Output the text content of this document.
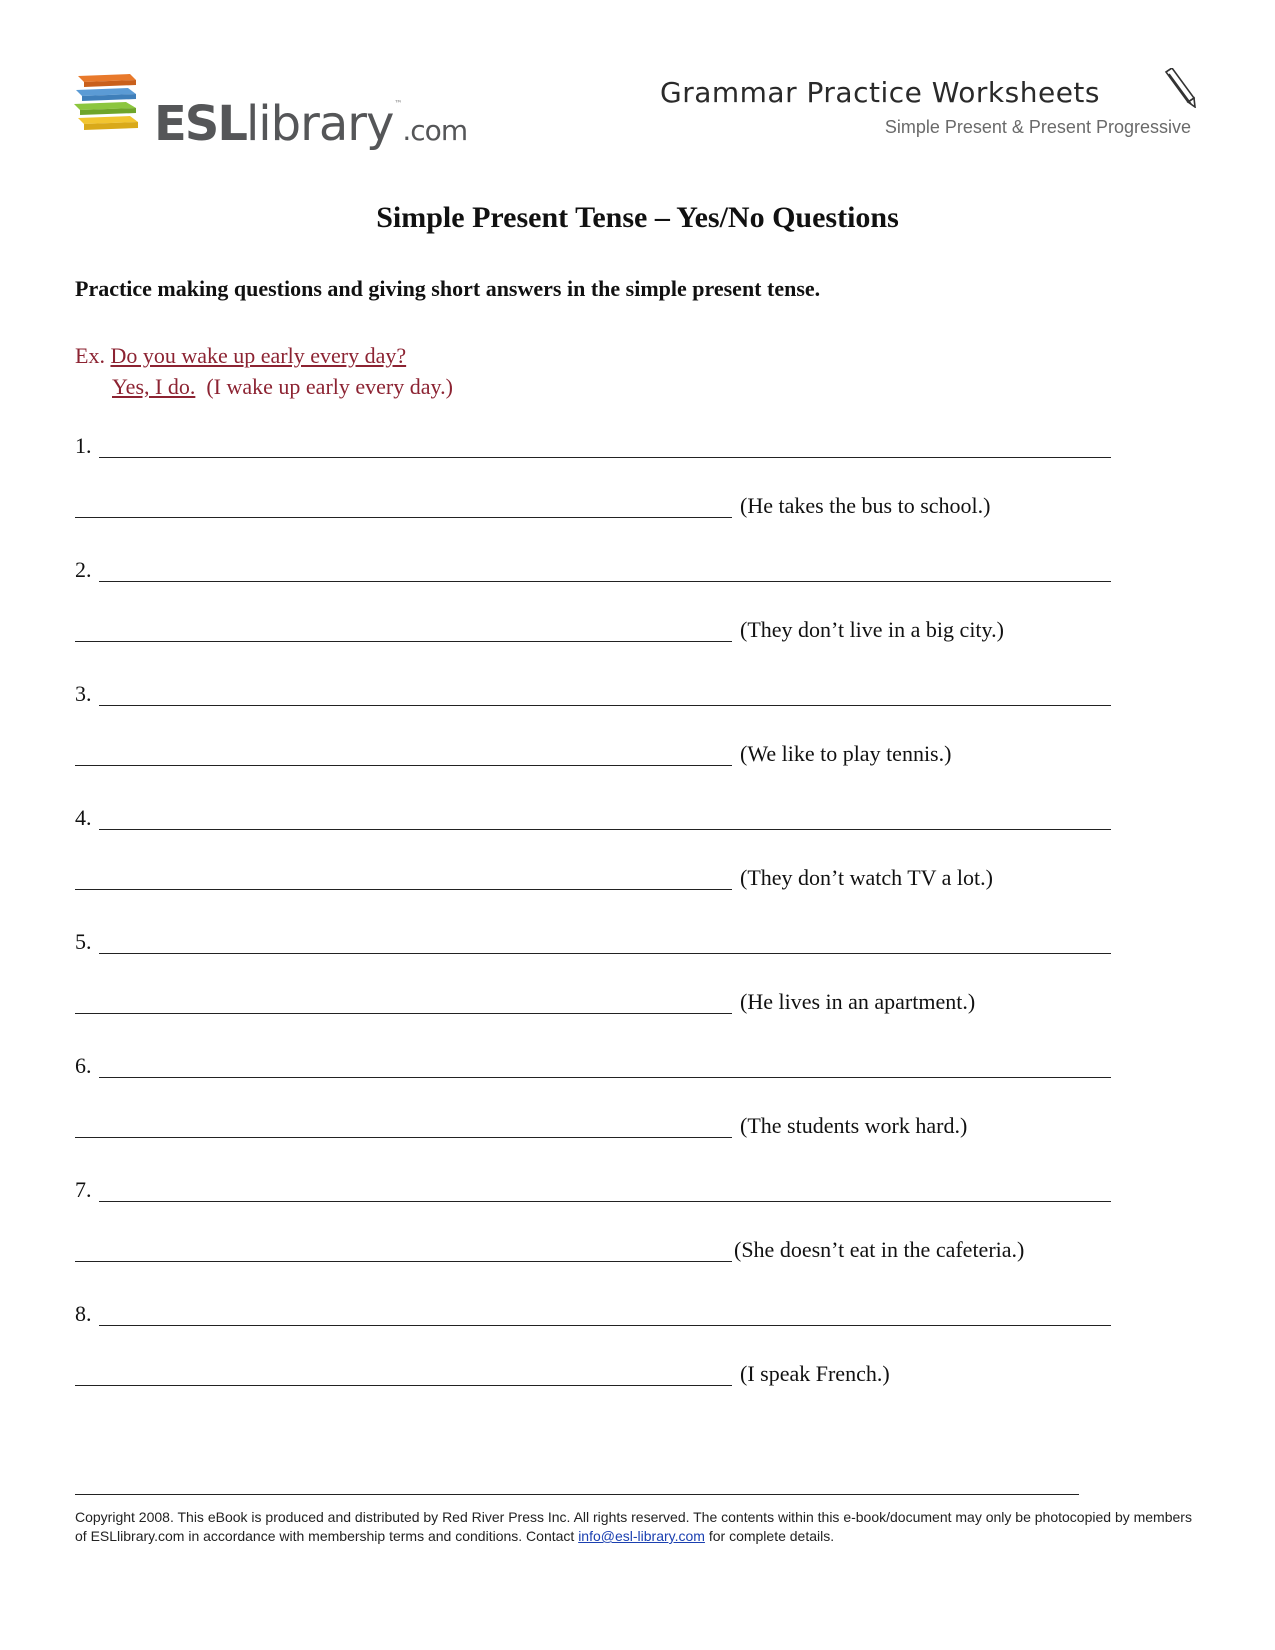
ESLlibrary™.com
Grammar Practice Worksheets
Simple Present & Present Progressive
Simple Present Tense – Yes/No Questions
Practice making questions and giving short answers in the simple present tense.
Ex. Do you wake up early every day?
Yes, I do. (I wake up early every day.)
1.
(He takes the bus to school.)
2.
(They don’t live in a big city.)
3.
(We like to play tennis.)
4.
(They don’t watch TV a lot.)
5.
(He lives in an apartment.)
6.
(The students work hard.)
7.
(She doesn’t eat in the cafeteria.)
8.
(I speak French.)
Copyright 2008. This eBook is produced and distributed by Red River Press Inc. All rights reserved. The contents within this e-book/document may only be photocopied by members of ESLlibrary.com in accordance with membership terms and conditions. Contact info@esl-library.com for complete details.
